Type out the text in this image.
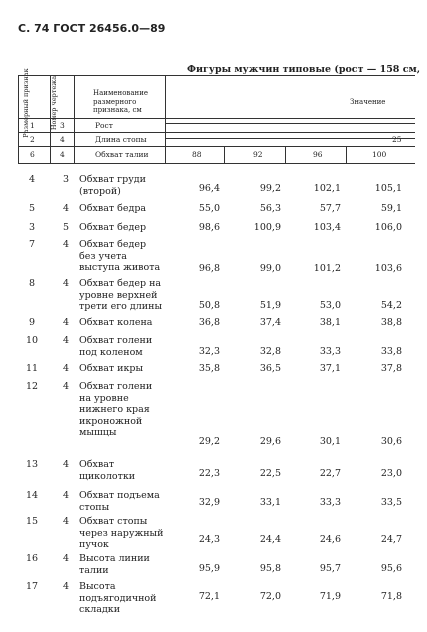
С. 74 ГОСТ 26456.0—89
Фигуры мужчин типовые (рост — 158 см,
Размерный признак	Номер чертежа	Наименование размерного признака, см
Значение
1	3	Рост
2	4	Длина стопы	25
6	4	Обхват талии	88	92	96	100
4	3	Обхват груди (второй)	96,4	99,2	102,1	105,1
5	4	Обхват бедра	55,0	56,3	57,7	59,1
3	5	Обхват бедер	98,6	100,9	103,4	106,0
7	4	Обхват бедер без учета выступа живота	96,8	99,0	101,2	103,6
8	4	Обхват бедер на уровне верхней трети его длины	50,8	51,9	53,0	54,2
9	4	Обхват колена	36,8	37,4	38,1	38,8
10	4	Обхват голени под коленом	32,3	32,8	33,3	33,8
11	4	Обхват икры	35,8	36,5	37,1	37,8
12	4	Обхват голени на уровне нижнего края икроножной мышцы
29,2	29,6	30,1	30,6
13	4	Обхват щиколотки	22,3	22,5	22,7	23,0
14	4	Обхват подъема стопы	32,9	33,1	33,3	33,5
15	4	Обхват стопы через наружный пучок	24,3	24,4	24,6	24,7
16	4	Высота линии талии	95,9	95,8	95,7	95,6
17	4	Высота подъягодичной складки
72,1	72,0	71,9	71,8
